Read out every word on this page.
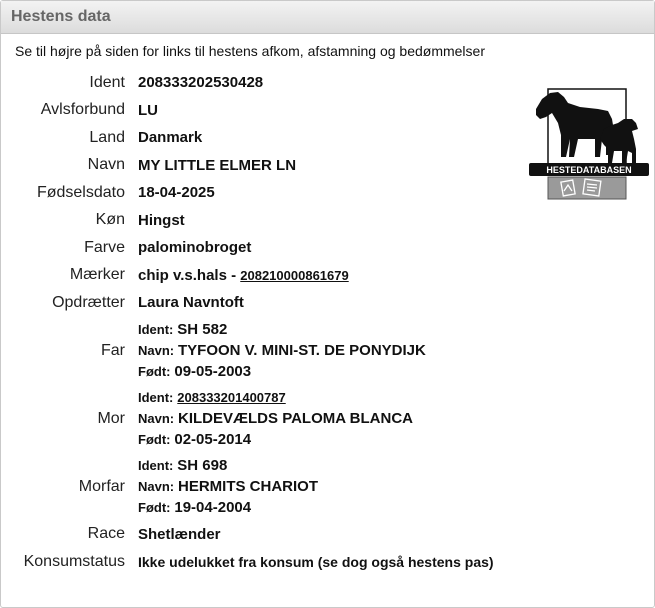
Hestens data
Se til højre på siden for links til hestens afkom, afstamning og bedømmelser
HESTEDATABASEN
Ident	208333202530428
Avlsforbund	LU
Land	Danmark
Navn	MY LITTLE ELMER LN
Fødselsdato	18-04-2025
Køn	Hingst
Farve	palominobroget
Mærker	chip v.s.hals - 208210000861679
Opdrætter	Laura Navntoft
Far	Ident: SH 582
Navn: TYFOON V. MINI-ST. DE PONYDIJK
Født: 09-05-2003

Mor	Ident: 208333201400787
Navn: KILDEVÆLDS PALOMA BLANCA
Født: 02-05-2014

Morfar	Ident: SH 698
Navn: HERMITS CHARIOT
Født: 19-04-2004

Race	Shetlænder
Konsumstatus	Ikke udelukket fra konsum (se dog også hestens pas)
